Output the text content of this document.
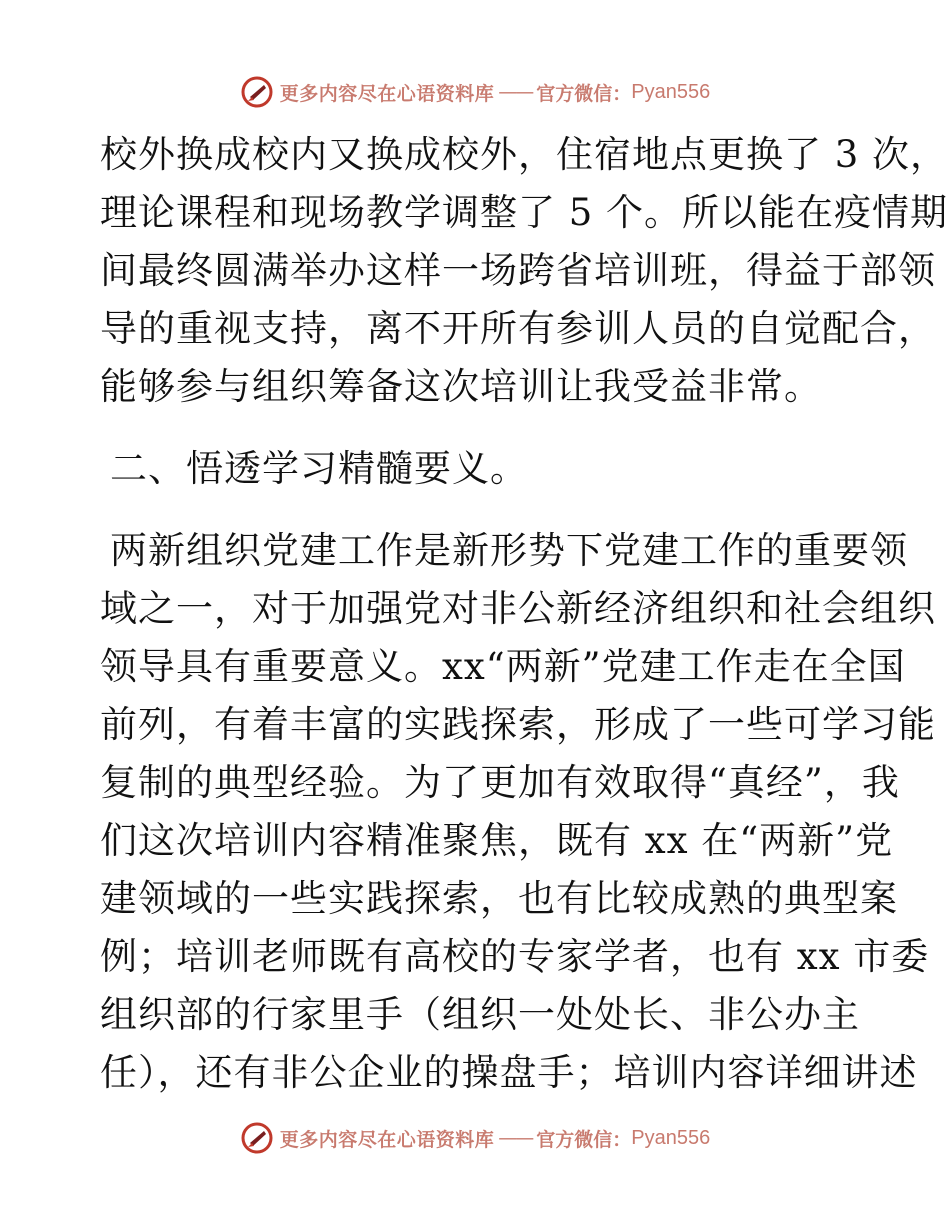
更多内容尽在心语资料库 —— 官方微信： Pyan556
校外换成校内又换成校外，住宿地点更换了 3 次，
理论课程和现场教学调整了 5 个。所以能在疫情期
间最终圆满举办这样一场跨省培训班，得益于部领
导的重视支持，离不开所有参训人员的自觉配合，
能够参与组织筹备这次培训让我受益非常。
二、悟透学习精髓要义。
两新组织党建工作是新形势下党建工作的重要领
域之一，对于加强党对非公新经济组织和社会组织
领导具有重要意义。xx“两新”党建工作走在全国
前列，有着丰富的实践探索，形成了一些可学习能
复制的典型经验。为了更加有效取得“真经”，我
们这次培训内容精准聚焦，既有 xx 在“两新”党
建领域的一些实践探索，也有比较成熟的典型案
例；培训老师既有高校的专家学者，也有 xx 市委
组织部的行家里手（组织一处处长、非公办主
任），还有非公企业的操盘手；培训内容详细讲述
更多内容尽在心语资料库 —— 官方微信： Pyan556
